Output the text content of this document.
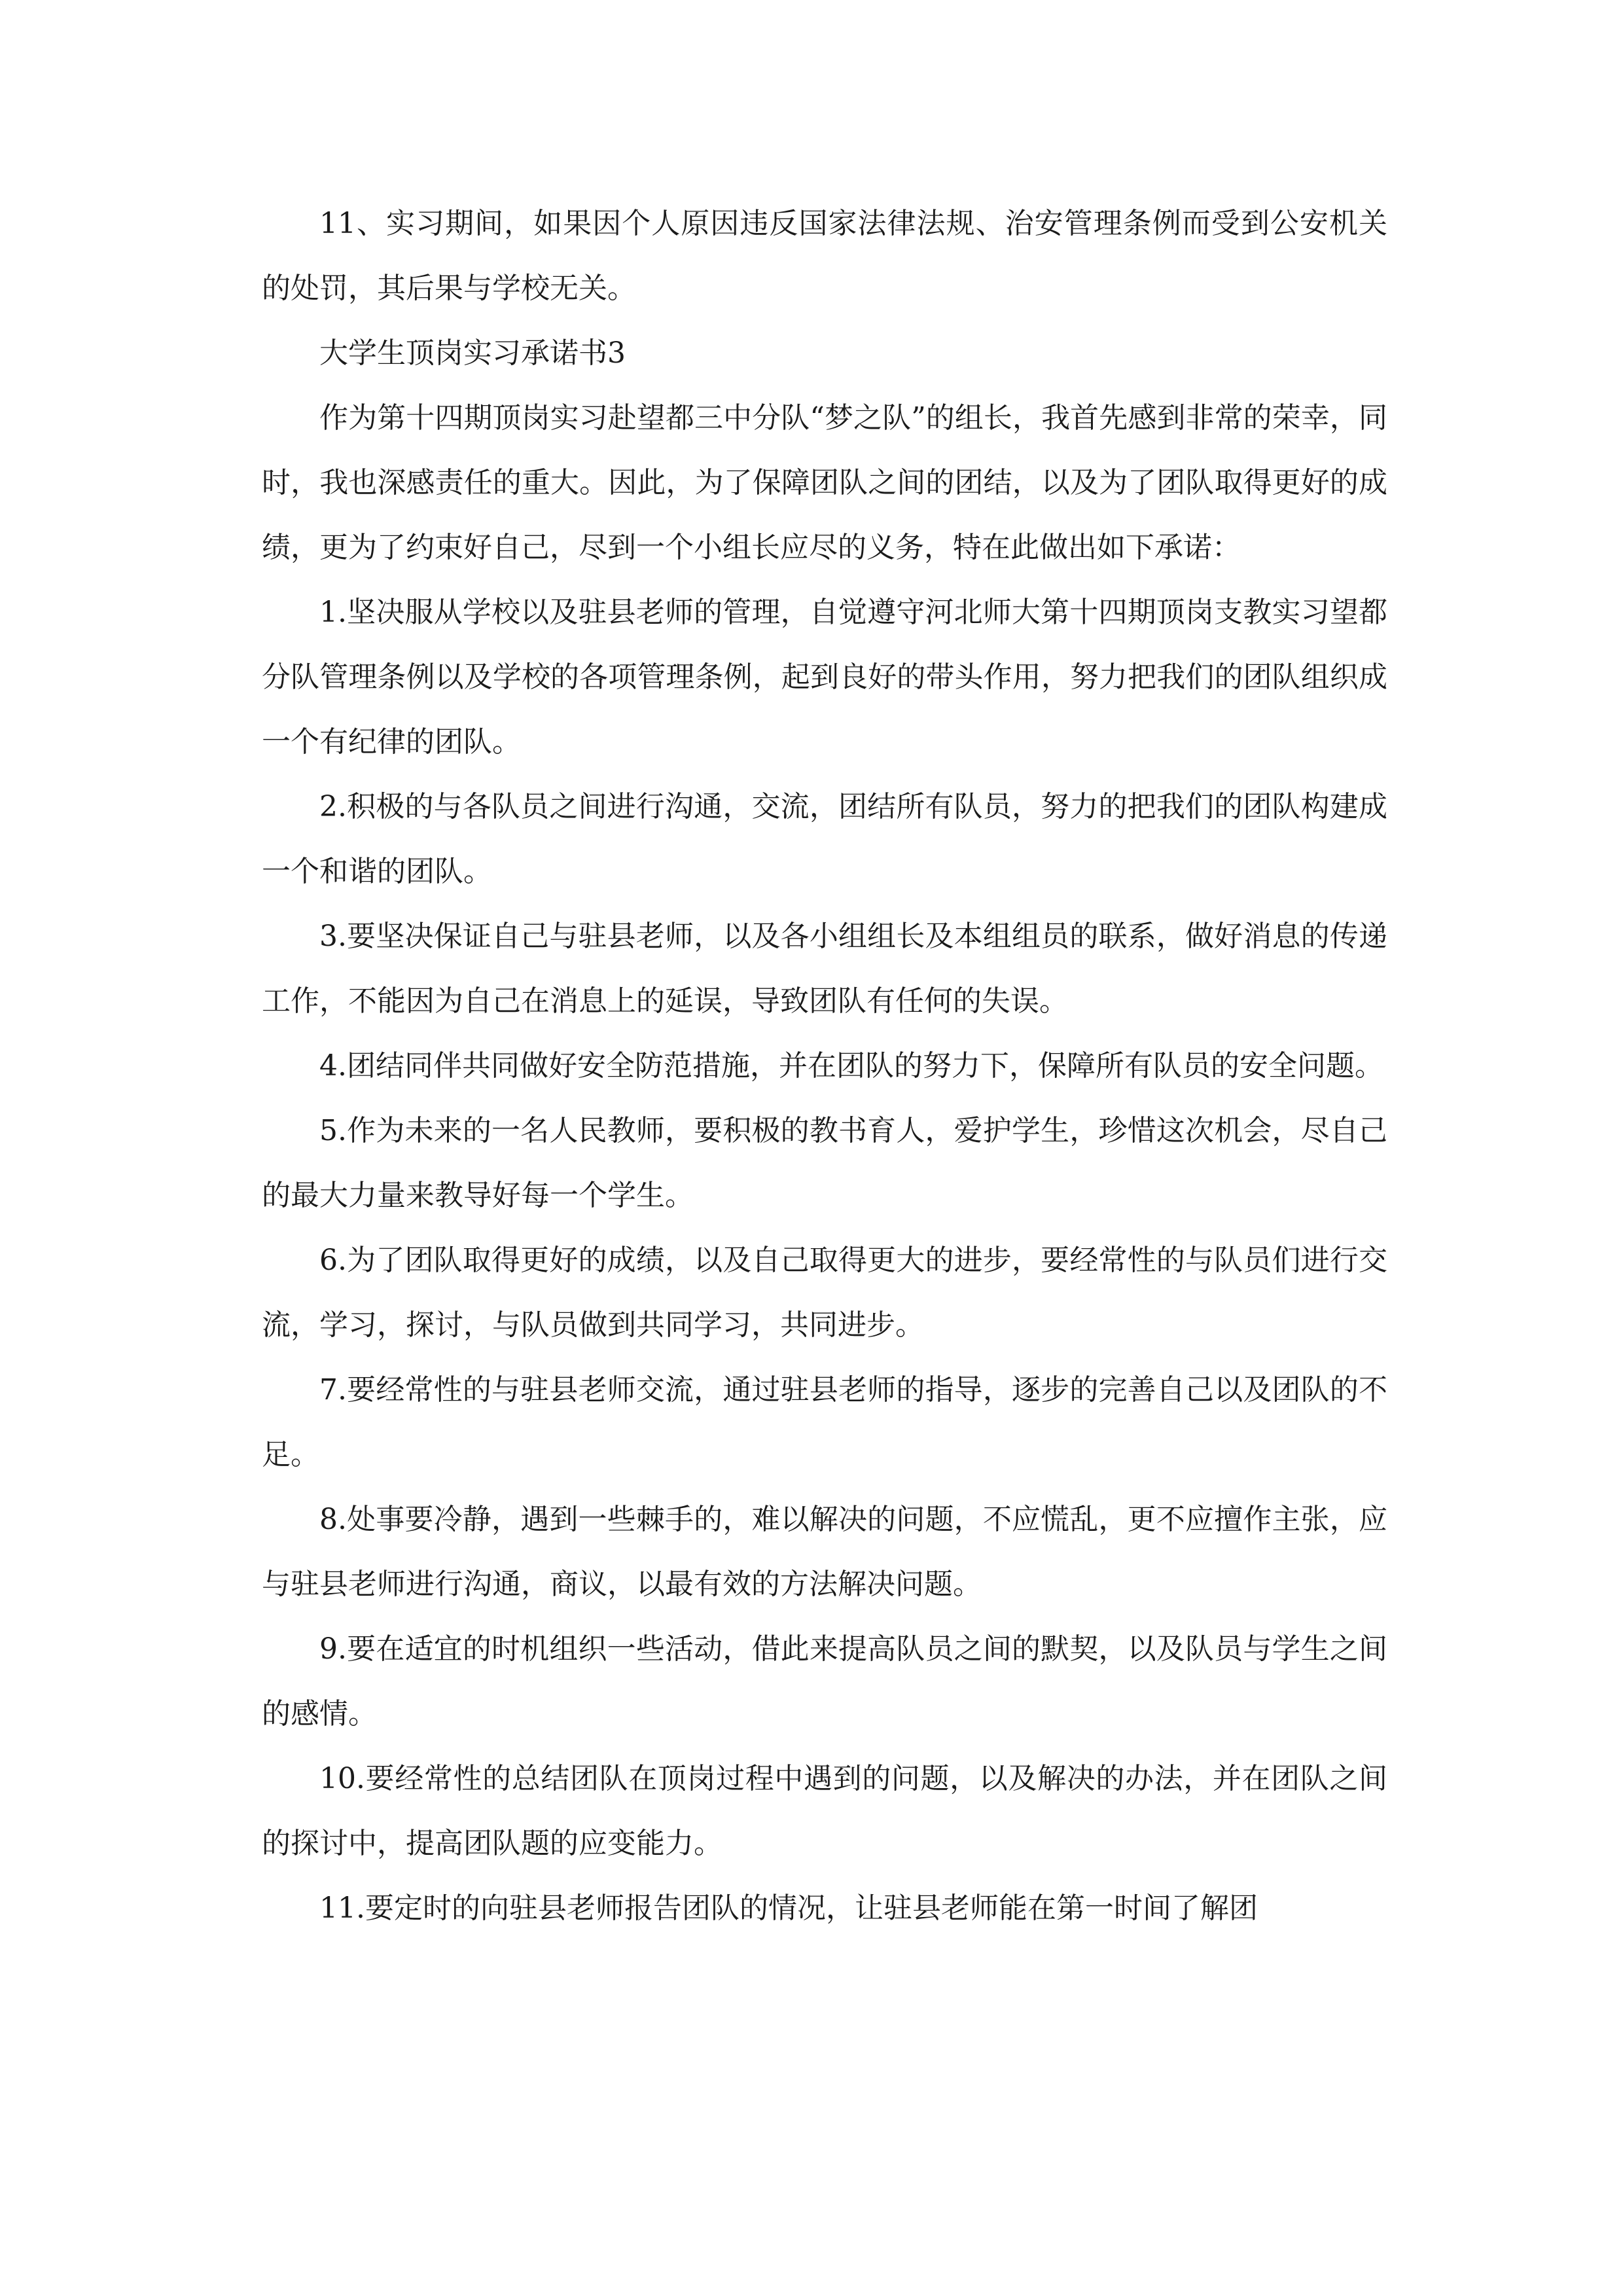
11、实习期间，如果因个人原因违反国家法律法规、治安管理条例而受到公安机关的处罚，其后果与学校无关。

大学生顶岗实习承诺书3

作为第十四期顶岗实习赴望都三中分队“梦之队”的组长，我首先感到非常的荣幸，同时，我也深感责任的重大。因此，为了保障团队之间的团结，以及为了团队取得更好的成绩，更为了约束好自己，尽到一个小组长应尽的义务，特在此做出如下承诺：

1.坚决服从学校以及驻县老师的管理，自觉遵守河北师大第十四期顶岗支教实习望都分队管理条例以及学校的各项管理条例，起到良好的带头作用，努力把我们的团队组织成一个有纪律的团队。

2.积极的与各队员之间进行沟通，交流，团结所有队员，努力的把我们的团队构建成一个和谐的团队。

3.要坚决保证自己与驻县老师，以及各小组组长及本组组员的联系，做好消息的传递工作，不能因为自己在消息上的延误，导致团队有任何的失误。

4.团结同伴共同做好安全防范措施，并在团队的努力下，保障所有队员的安全问题。

5.作为未来的一名人民教师，要积极的教书育人，爱护学生，珍惜这次机会，尽自己的最大力量来教导好每一个学生。

6.为了团队取得更好的成绩，以及自己取得更大的进步，要经常性的与队员们进行交流，学习，探讨，与队员做到共同学习，共同进步。

7.要经常性的与驻县老师交流，通过驻县老师的指导，逐步的完善自己以及团队的不足。

8.处事要冷静，遇到一些棘手的，难以解决的问题，不应慌乱，更不应擅作主张，应与驻县老师进行沟通，商议，以最有效的方法解决问题。

9.要在适宜的时机组织一些活动，借此来提高队员之间的默契，以及队员与学生之间的感情。

10.要经常性的总结团队在顶岗过程中遇到的问题，以及解决的办法，并在团队之间的探讨中，提高团队题的应变能力。

11.要定时的向驻县老师报告团队的情况，让驻县老师能在第一时间了解团
